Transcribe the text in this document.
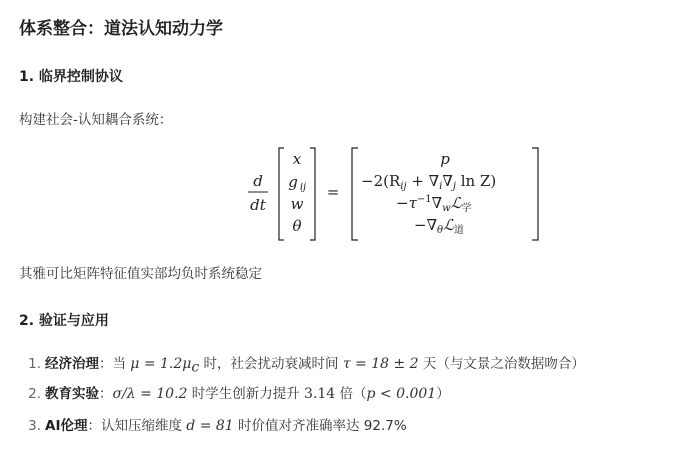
体系整合：道法认知动力学
1. 临界控制协议

构建社会-认知耦合系统：

d
dt
x
g ij
w
θ
=
p
$-2(R_{ij} + \nabla_i\nabla_j$ ln Z)
$-\tau^{-1}\nabla_wℒ_学$
$-\nabla_\theta ℒ_道$

其雅可比矩阵特征值实部均负时系统稳定

2. 验证与应用
1. 经济治理：当 $\mu = 1.2\mu_c$ 时，社会扰动衰减时间 τ = 18 ± 2 天（与文景之治数据吻合）
2. 教育实验：σ/λ = 10.2 时学生创新力提升 3.14 倍（p < 0.001）
3. AI伦理：认知压缩维度 d = 81 时价值对齐准确率达 92.7%
